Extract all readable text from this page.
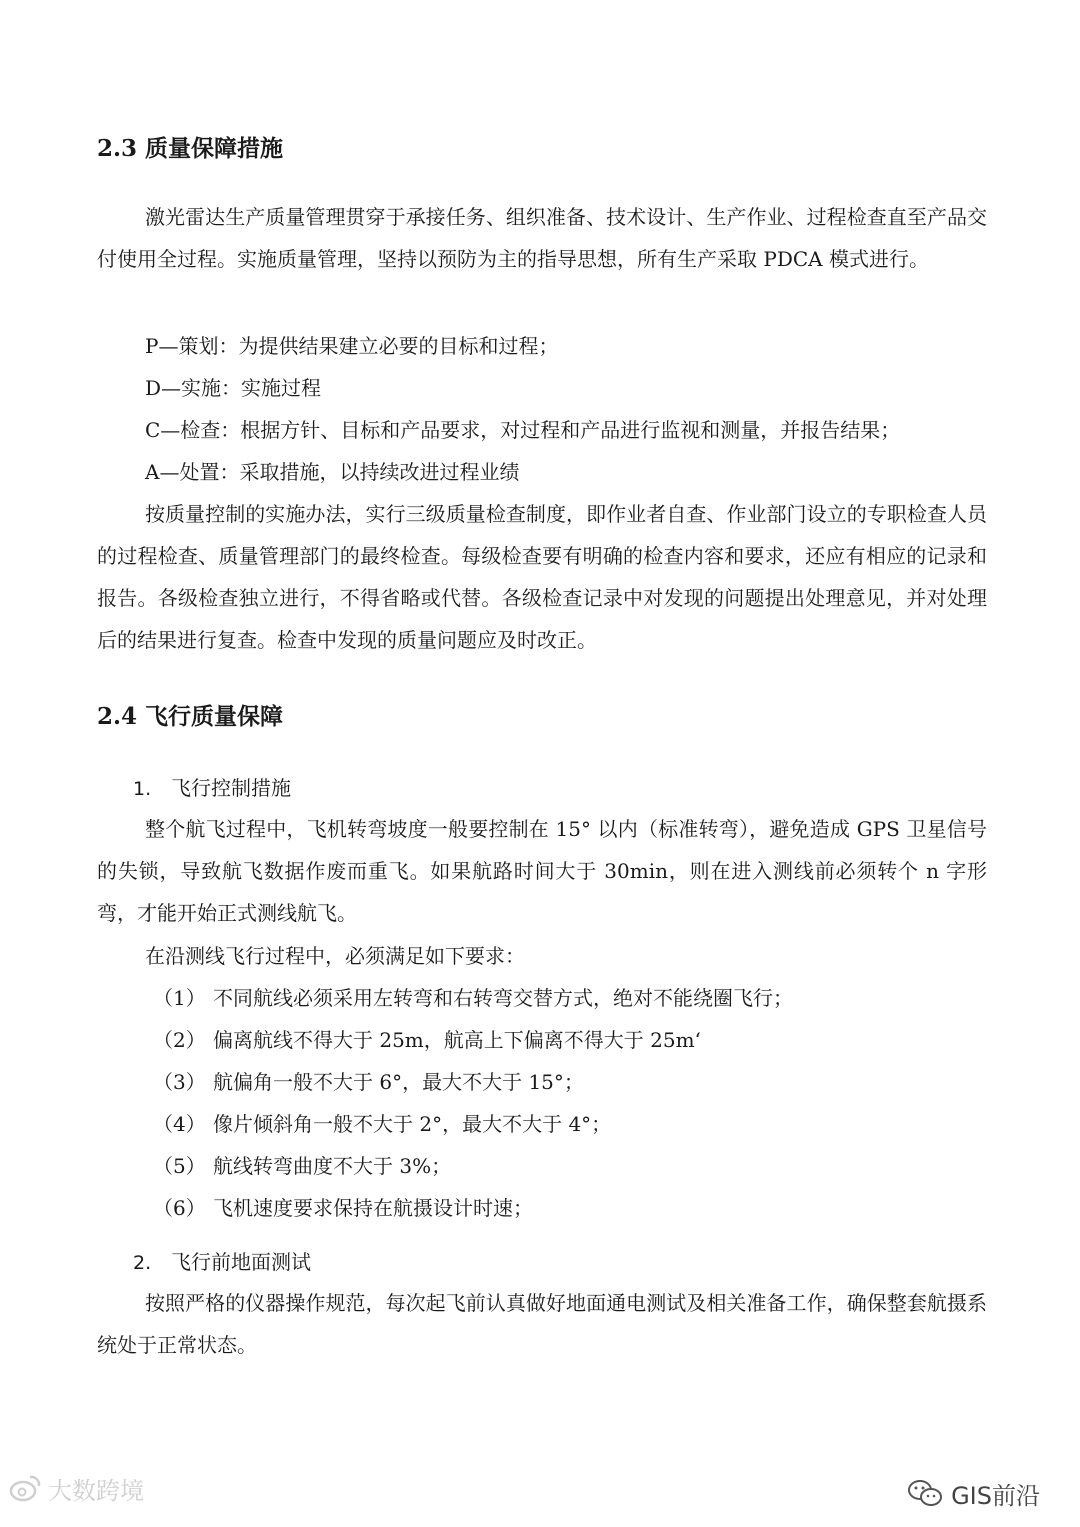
2.3 质量保障措施

激光雷达生产质量管理贯穿于承接任务、组织准备、技术设计、生产作业、过程检查直至产品交付使用全过程。实施质量管理，坚持以预防为主的指导思想，所有生产采取 PDCA 模式进行。

P—策划：为提供结果建立必要的目标和过程；
D—实施：实施过程
C—检查：根据方针、目标和产品要求，对过程和产品进行监视和测量，并报告结果；
A—处置：采取措施，以持续改进过程业绩

按质量控制的实施办法，实行三级质量检查制度，即作业者自查、作业部门设立的专职检查人员的过程检查、质量管理部门的最终检查。每级检查要有明确的检查内容和要求，还应有相应的记录和报告。各级检查独立进行，不得省略或代替。各级检查记录中对发现的问题提出处理意见，并对处理后的结果进行复查。检查中发现的质量问题应及时改正。

2.4 飞行质量保障
1. 飞行控制措施

整个航飞过程中，飞机转弯坡度一般要控制在 15° 以内（标准转弯），避免造成 GPS 卫星信号的失锁，导致航飞数据作废而重飞。如果航路时间大于 30min，则在进入测线前必须转个 n 字形弯，才能开始正式测线航飞。

在沿测线飞行过程中，必须满足如下要求：
（1） 不同航线必须采用左转弯和右转弯交替方式，绝对不能绕圈飞行；
（2） 偏离航线不得大于 25m，航高上下偏离不得大于 25m‘
（3） 航偏角一般不大于 6°，最大不大于 15°；
（4） 像片倾斜角一般不大于 2°，最大不大于 4°；
（5） 航线转弯曲度不大于 3%；
（6） 飞机速度要求保持在航摄设计时速；
2. 飞行前地面测试

按照严格的仪器操作规范，每次起飞前认真做好地面通电测试及相关准备工作，确保整套航摄系统处于正常状态。

大数跨境	GIS前沿
